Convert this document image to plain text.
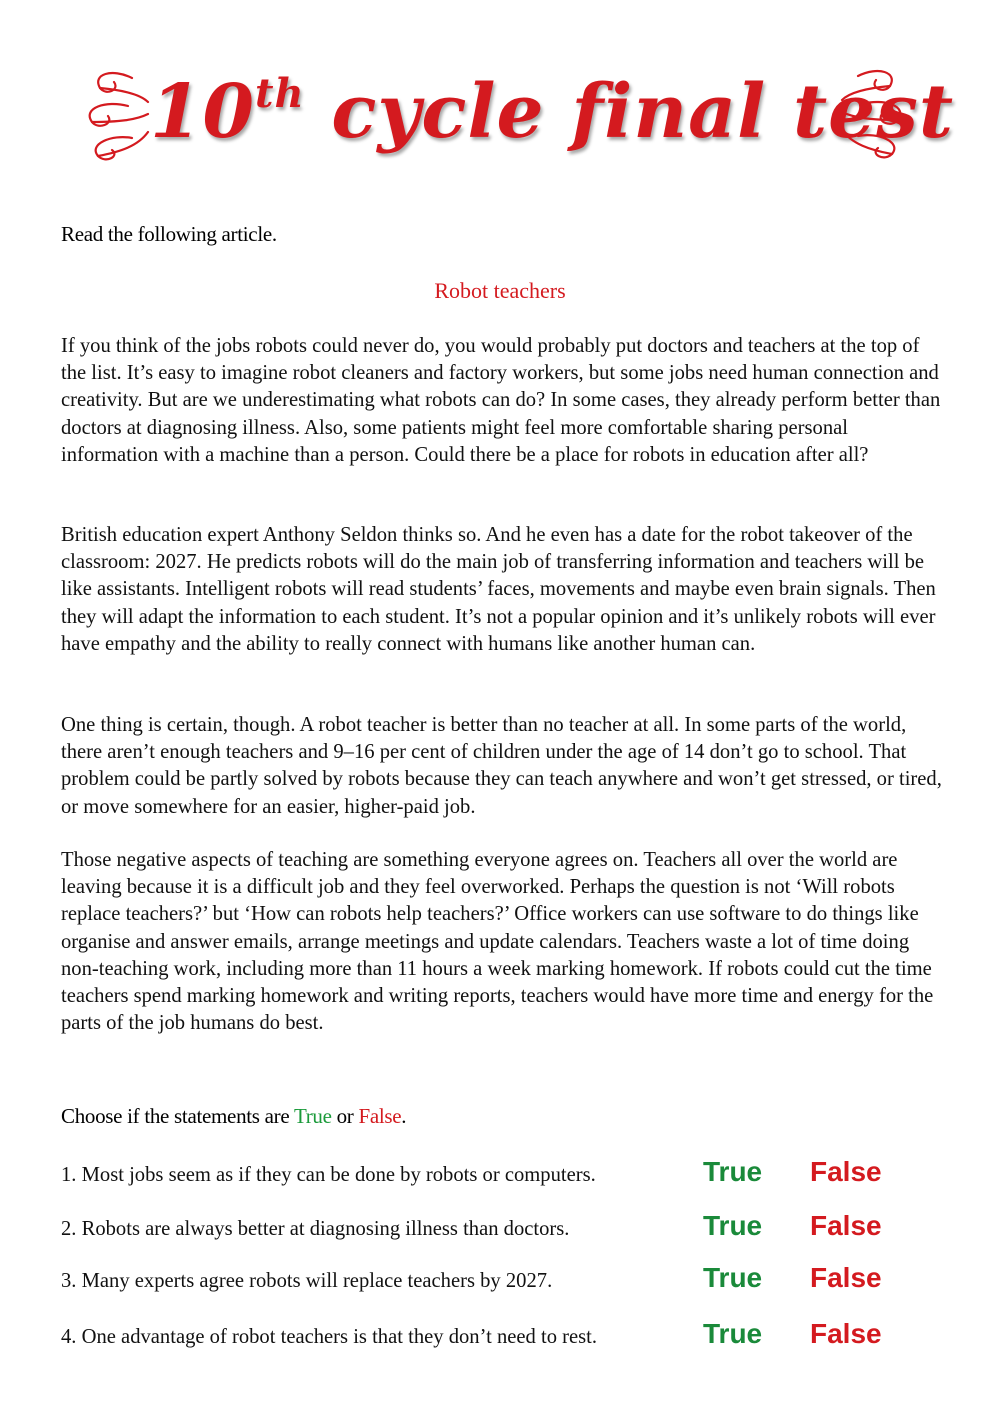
10th cycle final test
Read the following article.
Robot teachers
If you think of the jobs robots could never do, you would probably put doctors and teachers at the top of the list. It’s easy to imagine robot cleaners and factory workers, but some jobs need human connection and creativity. But are we underestimating what robots can do? In some cases, they already perform better than doctors at diagnosing illness. Also, some patients might feel more comfortable sharing personal information with a machine than a person. Could there be a place for robots in education after all?
British education expert Anthony Seldon thinks so. And he even has a date for the robot takeover of the classroom: 2027. He predicts robots will do the main job of transferring information and teachers will be like assistants. Intelligent robots will read students’ faces, movements and maybe even brain signals. Then they will adapt the information to each student. It’s not a popular opinion and it’s unlikely robots will ever have empathy and the ability to really connect with humans like another human can.
One thing is certain, though. A robot teacher is better than no teacher at all. In some parts of the world, there aren’t enough teachers and 9–16 per cent of children under the age of 14 don’t go to school. That problem could be partly solved by robots because they can teach anywhere and won’t get stressed, or tired, or move somewhere for an easier, higher-paid job.
Those negative aspects of teaching are something everyone agrees on. Teachers all over the world are leaving because it is a difficult job and they feel overworked. Perhaps the question is not ‘Will robots replace teachers?’ but ‘How can robots help teachers?’ Office workers can use software to do things like organise and answer emails, arrange meetings and update calendars. Teachers waste a lot of time doing non-teaching work, including more than 11 hours a week marking homework. If robots could cut the time teachers spend marking homework and writing reports, teachers would have more time and energy for the parts of the job humans do best.
Choose if the statements are True or False.
1. Most jobs seem as if they can be done by robots or computers.	True False
2. Robots are always better at diagnosing illness than doctors.	True False
3. Many experts agree robots will replace teachers by 2027.	True False
4. One advantage of robot teachers is that they don’t need to rest.	True False
